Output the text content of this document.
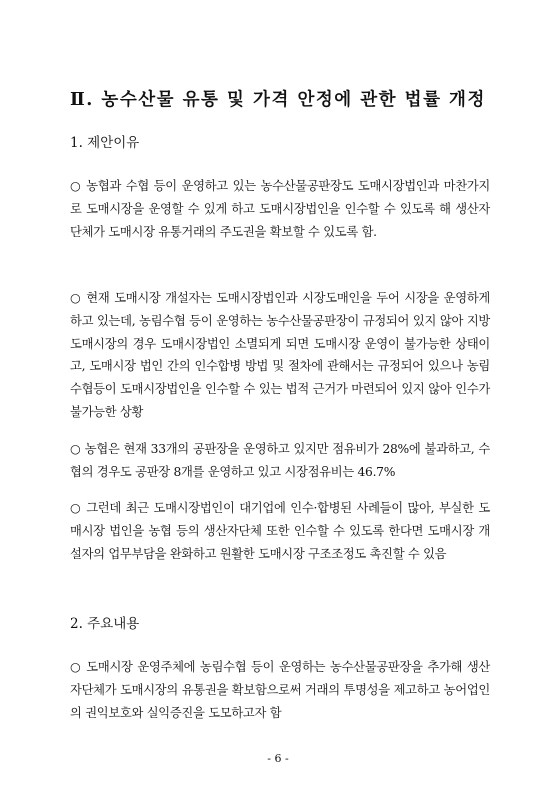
Ⅱ. 농수산물 유통 및 가격 안정에 관한 법률 개정
1. 제안이유

○ 농협과 수협 등이 운영하고 있는 농수산물공판장도 도매시장법인과 마찬가지로 도매시장을 운영할 수 있게 하고 도매시장법인을 인수할 수 있도록 해 생산자단체가 도매시장 유통거래의 주도권을 확보할 수 있도록 함.

○ 현재 도매시장 개설자는 도매시장법인과 시장도매인을 두어 시장을 운영하게 하고 있는데, 농림수협 등이 운영하는 농수산물공판장이 규정되어 있지 않아 지방도매시장의 경우 도매시장법인 소멸되게 되면 도매시장 운영이 불가능한 상태이고, 도매시장 법인 간의 인수합병 방법 및 절차에 관해서는 규정되어 있으나 농림수협등이 도매시장법인을 인수할 수 있는 법적 근거가 마련되어 있지 않아 인수가 불가능한 상황

○ 농협은 현재 33개의 공판장을 운영하고 있지만 점유비가 28%에 불과하고, 수협의 경우도 공판장 8개를 운영하고 있고 시장점유비는 46.7%

○ 그런데 최근 도매시장법인이 대기업에 인수·합병된 사례들이 많아, 부실한 도매시장 법인을 농협 등의 생산자단체 또한 인수할 수 있도록 한다면 도매시장 개설자의 업무부담을 완화하고 원활한 도매시장 구조조정도 촉진할 수 있음

2. 주요내용

○ 도매시장 운영주체에 농림수협 등이 운영하는 농수산물공판장을 추가해 생산자단체가 도매시장의 유통권을 확보함으로써 거래의 투명성을 제고하고 농어업인의 권익보호와 실익증진을 도모하고자 함

- 6 -
